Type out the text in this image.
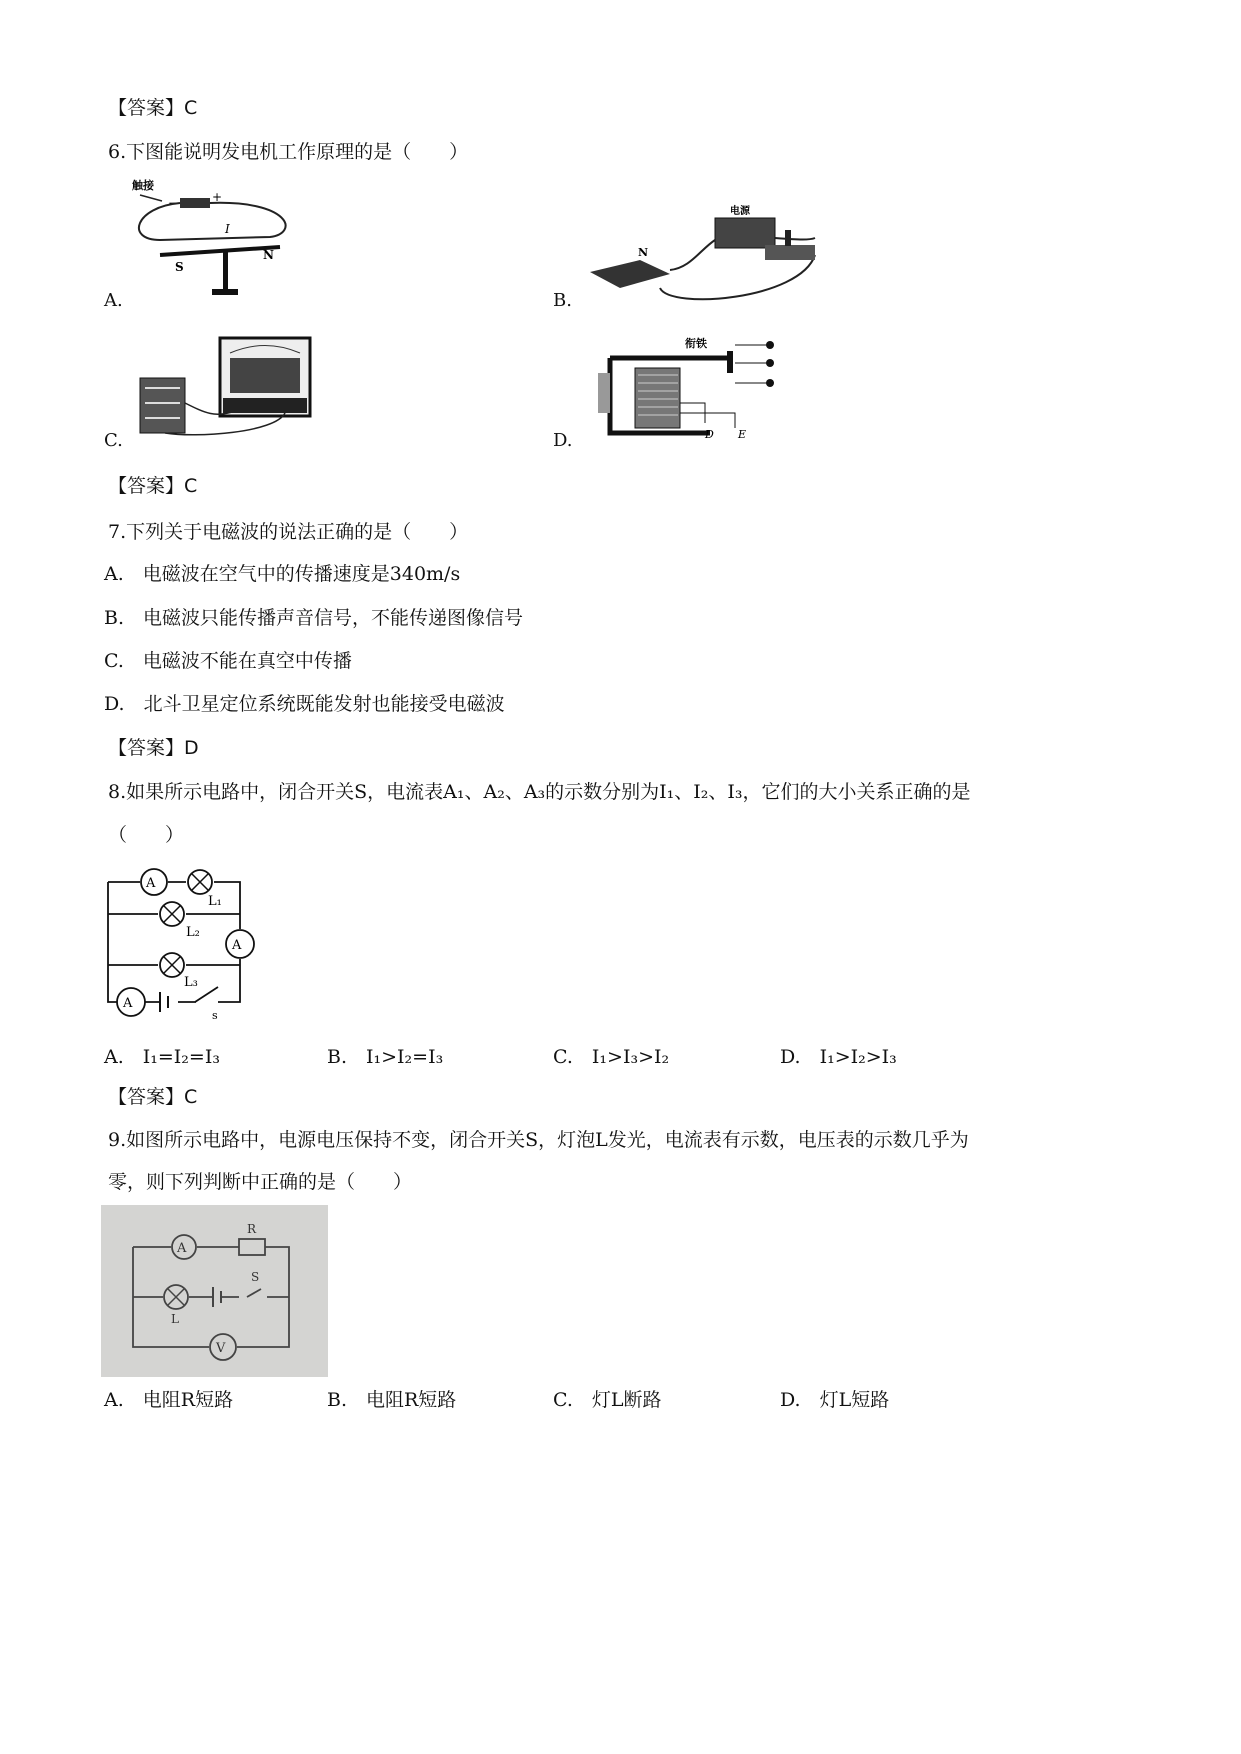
【答案】C
6.下图能说明发电机工作原理的是（　　）
触接
−	+
I
S
N
A.
电源
N
B.
C.
衔铁
D E
D.
【答案】C
7.下列关于电磁波的说法正确的是（　　）
A.　电磁波在空气中的传播速度是340m/s
B.　电磁波只能传播声音信号，不能传递图像信号
C.　电磁波不能在真空中传播
D.　北斗卫星定位系统既能发射也能接受电磁波
【答案】D
8.如果所示电路中，闭合开关S，电流表A₁、A₂、A₃的示数分别为I₁、I₂、I₃，它们的大小关系正确的是
（　　）
A
L₁
L₂
A
L₃
A
s
A.　I₁=I₂=I₃	B.　I₁>I₂=I₃	C.　I₁>I₃>I₂	D.　I₁>I₂>I₃
【答案】C
9.如图所示电路中，电源电压保持不变，闭合开关S，灯泡L发光，电流表有示数，电压表的示数几乎为
零，则下列判断中正确的是（　　）
A
R
L
S
V
A.　电阻R短路	B.　电阻R短路	C.　灯L断路	D.　灯L短路
